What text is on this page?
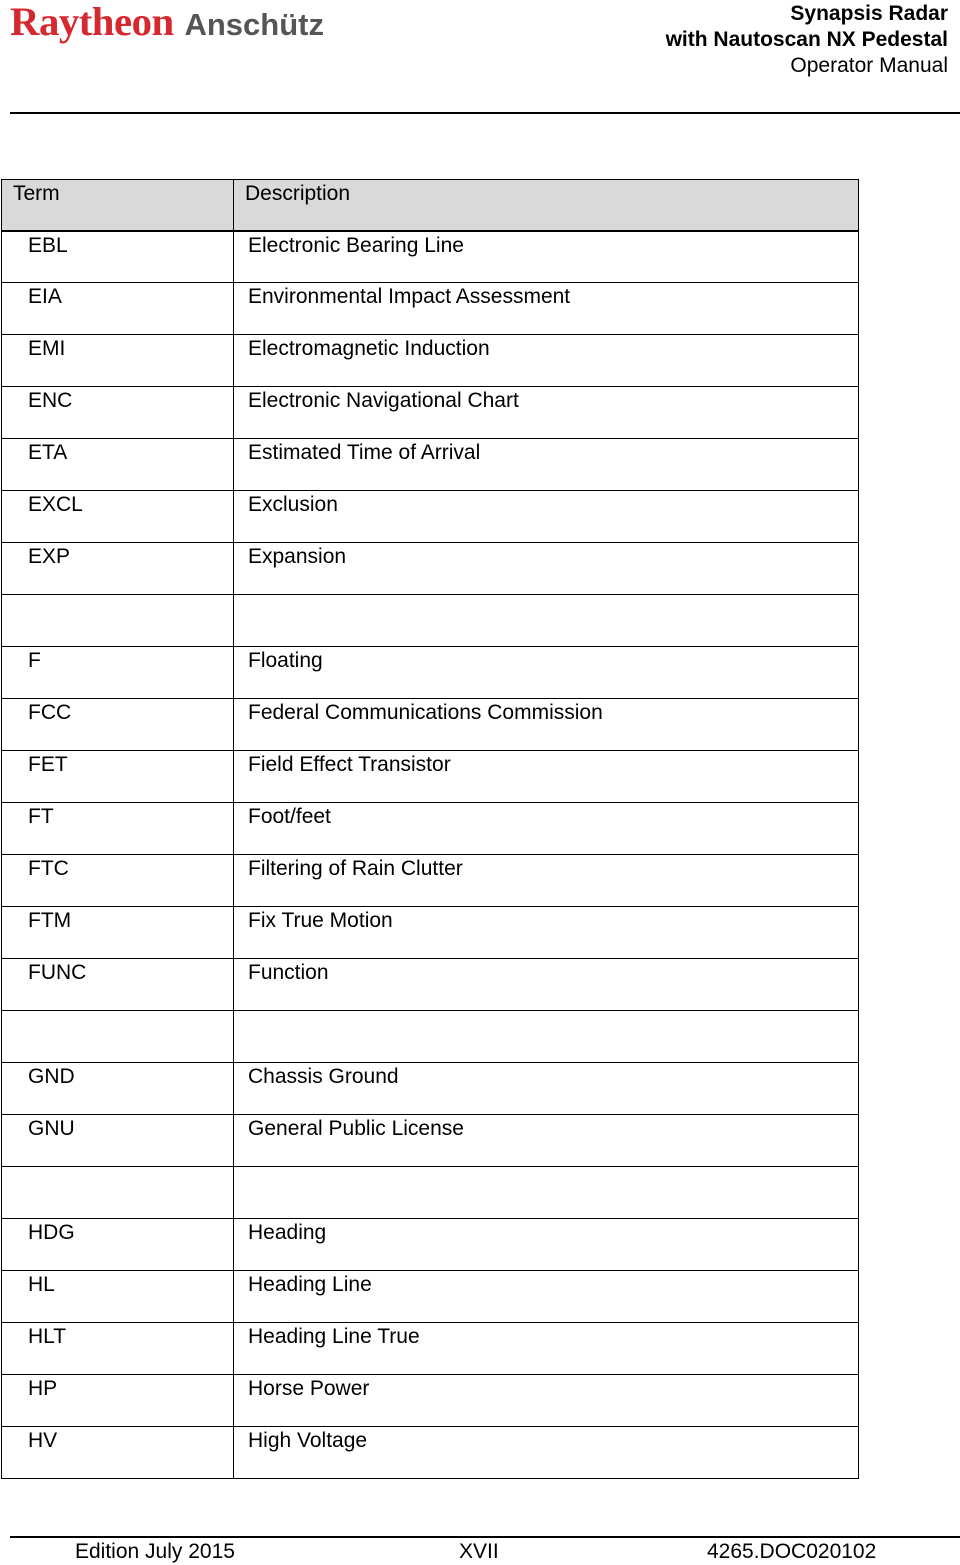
Raytheon Anschütz	Synapsis Radar
with Nautoscan NX Pedestal
Operator Manual
Term	Description
EBL	Electronic Bearing Line
EIA	Environmental Impact Assessment
EMI	Electromagnetic Induction
ENC	Electronic Navigational Chart
ETA	Estimated Time of Arrival
EXCL	Exclusion
EXP	Expansion

F	Floating
FCC	Federal Communications Commission
FET	Field Effect Transistor
FT	Foot/feet
FTC	Filtering of Rain Clutter
FTM	Fix True Motion
FUNC	Function

GND	Chassis Ground
GNU	General Public License

HDG	Heading
HL	Heading Line
HLT	Heading Line True
HP	Horse Power
HV	High Voltage
Edition July 2015	XVII	4265.DOC020102
